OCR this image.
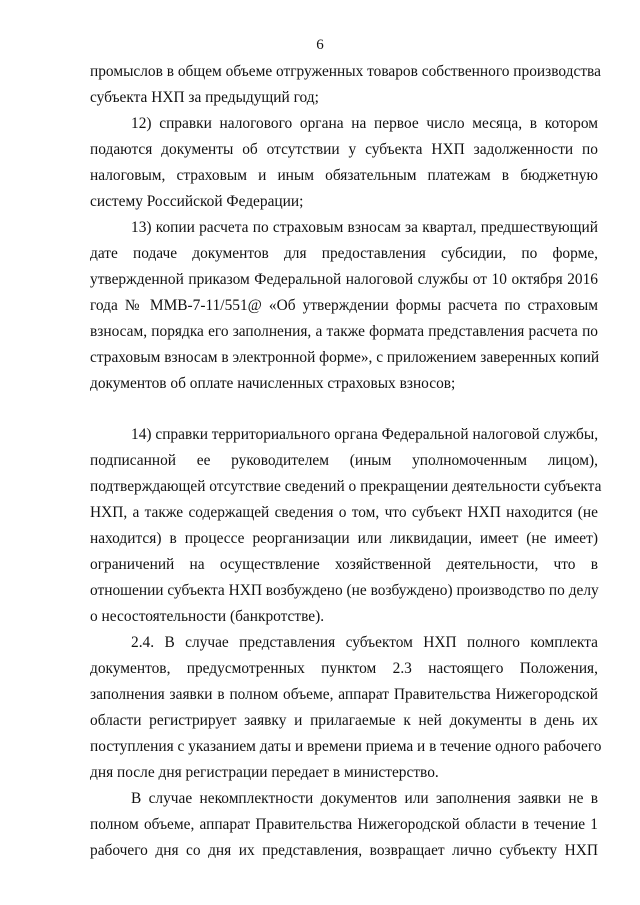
6
промыслов в общем объеме отгруженных товаров собственного производства
субъекта НХП за предыдущий год;
12) справки налогового органа на первое число месяца, в котором
подаются документы об отсутствии у субъекта НХП задолженности по
налоговым, страховым и иным обязательным платежам в бюджетную
систему Российской Федерации;
13) копии расчета по страховым взносам за квартал, предшествующий
дате подаче документов для предоставления субсидии, по форме,
утвержденной приказом Федеральной налоговой службы от 10 октября 2016
года № ММВ-7-11/551@ «Об утверждении формы расчета по страховым
взносам, порядка его заполнения, а также формата представления расчета по
страховым взносам в электронной форме», с приложением заверенных копий
документов об оплате начисленных страховых взносов;
14) справки территориального органа Федеральной налоговой службы,
подписанной ее руководителем (иным уполномоченным лицом),
подтверждающей отсутствие сведений о прекращении деятельности субъекта
НХП, а также содержащей сведения о том, что субъект НХП находится (не
находится) в процессе реорганизации или ликвидации, имеет (не имеет)
ограничений на осуществление хозяйственной деятельности, что в
отношении субъекта НХП возбуждено (не возбуждено) производство по делу
о несостоятельности (банкротстве).
2.4. В случае представления субъектом НХП полного комплекта
документов, предусмотренных пунктом 2.3 настоящего Положения,
заполнения заявки в полном объеме, аппарат Правительства Нижегородской
области регистрирует заявку и прилагаемые к ней документы в день их
поступления с указанием даты и времени приема и в течение одного рабочего
дня после дня регистрации передает в министерство.
В случае некомплектности документов или заполнения заявки не в
полном объеме, аппарат Правительства Нижегородской области в течение 1
рабочего дня со дня их представления, возвращает лично субъекту НХП
